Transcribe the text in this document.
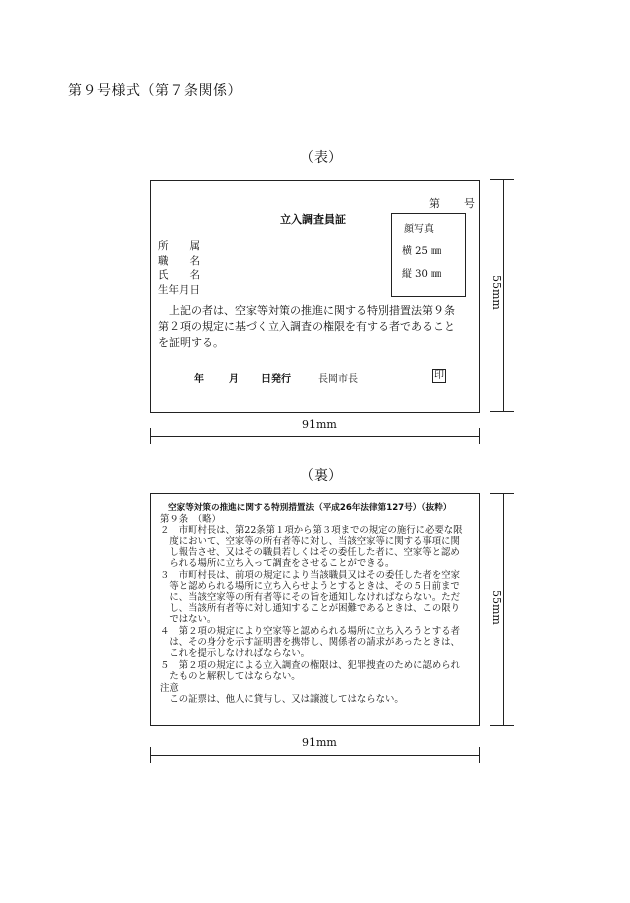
第９号様式（第７条関係）
（表）
第 号
立入調査員証
所 属
職 名
氏 名
生年月日
顔写真
横 25 ㎜
縦 30 ㎜
上記の者は、空家等対策の推進に関する特別措置法第９条
第２項の規定に基づく立入調査の権限を有する者であること
を証明する。
年	月 日発行	長岡市長	印
91mm
55mm
（裏）
空家等対策の推進に関する特別措置法（平成26年法律第127号）（抜粋）
第９条　（略）
２　市町村長は、第22条第１項から第３項までの規定の施行に必要な限
　度において、空家等の所有者等に対し、当該空家等に関する事項に関
　し報告させ、又はその職員若しくはその委任した者に、空家等と認め
　られる場所に立ち入って調査をさせることができる。
３　市町村長は、前項の規定により当該職員又はその委任した者を空家
　等と認められる場所に立ち入らせようとするときは、その５日前まで
　に、当該空家等の所有者等にその旨を通知しなければならない。ただ
　し、当該所有者等に対し通知することが困難であるときは、この限り
　ではない。
４　第２項の規定により空家等と認められる場所に立ち入ろうとする者
　は、その身分を示す証明書を携帯し、関係者の請求があったときは、
　これを提示しなければならない。
５　第２項の規定による立入調査の権限は、犯罪捜査のために認められ
　たものと解釈してはならない。
注意
　この証票は、他人に貸与し、又は譲渡してはならない。
91mm
55mm
